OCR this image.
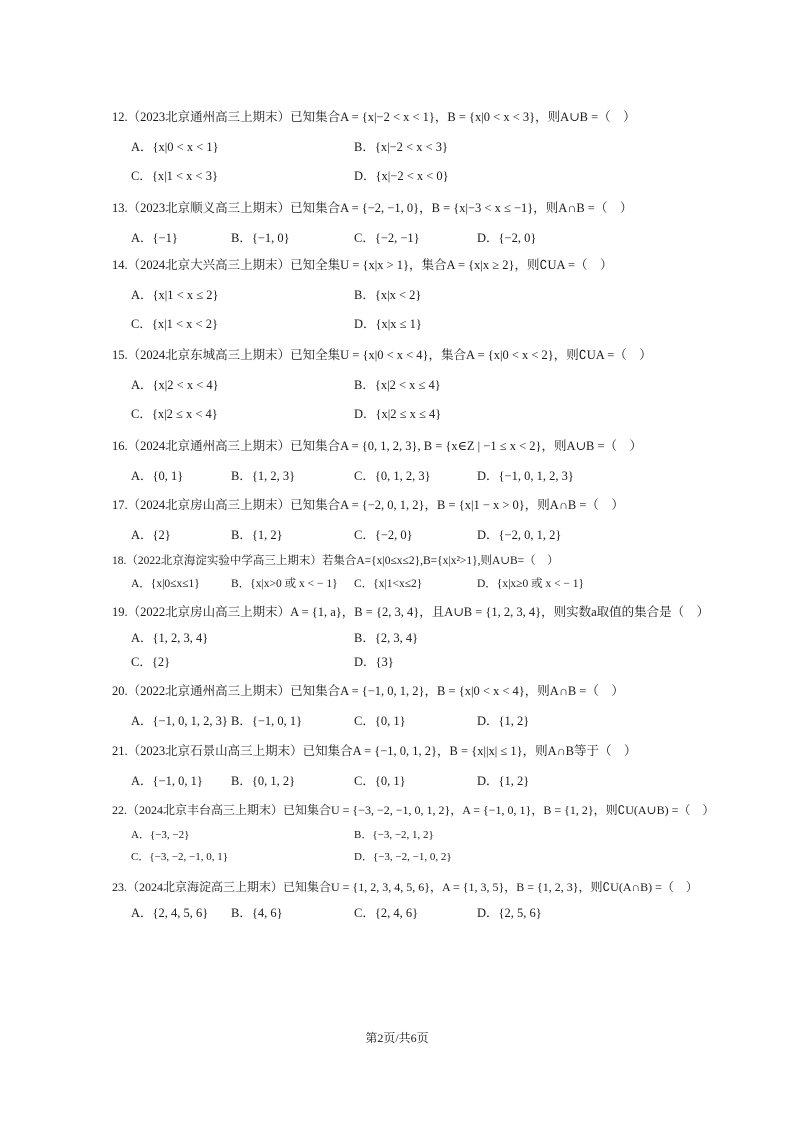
12.（2023北京通州高三上期末）已知集合A = {x|−2 < x < 1}，B = {x|0 < x < 3}，则A∪B =（　）
A．{x|0 < x < 1}	B．{x|−2 < x < 3}
C．{x|1 < x < 3}	D．{x|−2 < x < 0}
13.（2023北京顺义高三上期末）已知集合A = {−2, −1, 0}，B = {x|−3 < x ≤ −1}，则A∩B =（　）
A．{−1}	B．{−1, 0}	C．{−2, −1}	D．{−2, 0}
14.（2024北京大兴高三上期末）已知全集U = {x|x > 1}，集合A = {x|x ≥ 2}，则∁UA =（　）
A．{x|1 < x ≤ 2}	B．{x|x < 2}
C．{x|1 < x < 2}	D．{x|x ≤ 1}
15.（2024北京东城高三上期末）已知全集U = {x|0 < x < 4}，集合A = {x|0 < x < 2}，则∁UA =（　）
A．{x|2 < x < 4}	B．{x|2 < x ≤ 4}
C．{x|2 ≤ x < 4}	D．{x|2 ≤ x ≤ 4}
16.（2024北京通州高三上期末）已知集合A = {0, 1, 2, 3}, B = {x∈Z | −1 ≤ x < 2}，则A∪B =（　）
A．{0, 1}	B．{1, 2, 3}	C．{0, 1, 2, 3}	D．{−1, 0, 1, 2, 3}
17.（2024北京房山高三上期末）已知集合A = {−2, 0, 1, 2}，B = {x|1 − x > 0}，则A∩B =（　）
A．{2}	B．{1, 2}	C．{−2, 0}	D．{−2, 0, 1, 2}
18.（2022北京海淀实验中学高三上期末）若集合A={x|0≤x≤2},B={x|x²>1},则A∪B=（　）
A．{x|0≤x≤1}	B．{x|x>0 或 x < − 1} C．{x|1<x≤2}	D．{x|x≥0 或 x < − 1}
19.（2022北京房山高三上期末）A = {1, a}，B = {2, 3, 4}，且A∪B = {1, 2, 3, 4}，则实数a取值的集合是（　）
A．{1, 2, 3, 4}	B．{2, 3, 4}
C．{2}	D．{3}
20.（2022北京通州高三上期末）已知集合A = {−1, 0, 1, 2}，B = {x|0 < x < 4}，则A∩B =（　）
A．{−1, 0, 1, 2, 3} B．{−1, 0, 1}	C．{0, 1}	D．{1, 2}
21.（2023北京石景山高三上期末）已知集合A = {−1, 0, 1, 2}，B = {x||x| ≤ 1}，则A∩B等于（　）
A．{−1, 0, 1} B．{0, 1, 2}	C．{0, 1}	D．{1, 2}
22.（2024北京丰台高三上期末）已知集合U = {−3, −2, −1, 0, 1, 2}，A = {−1, 0, 1}，B = {1, 2}，则∁U(A∪B) =（　）
A．{−3, −2}	B．{−3, −2, 1, 2}
C．{−3, −2, −1, 0, 1}	D．{−3, −2, −1, 0, 2}
23.（2024北京海淀高三上期末）已知集合U = {1, 2, 3, 4, 5, 6}，A = {1, 3, 5}，B = {1, 2, 3}，则∁U(A∩B) =（　）
A．{2, 4, 5, 6} B．{4, 6}	C．{2, 4, 6}	D．{2, 5, 6}
第2页/共6页
